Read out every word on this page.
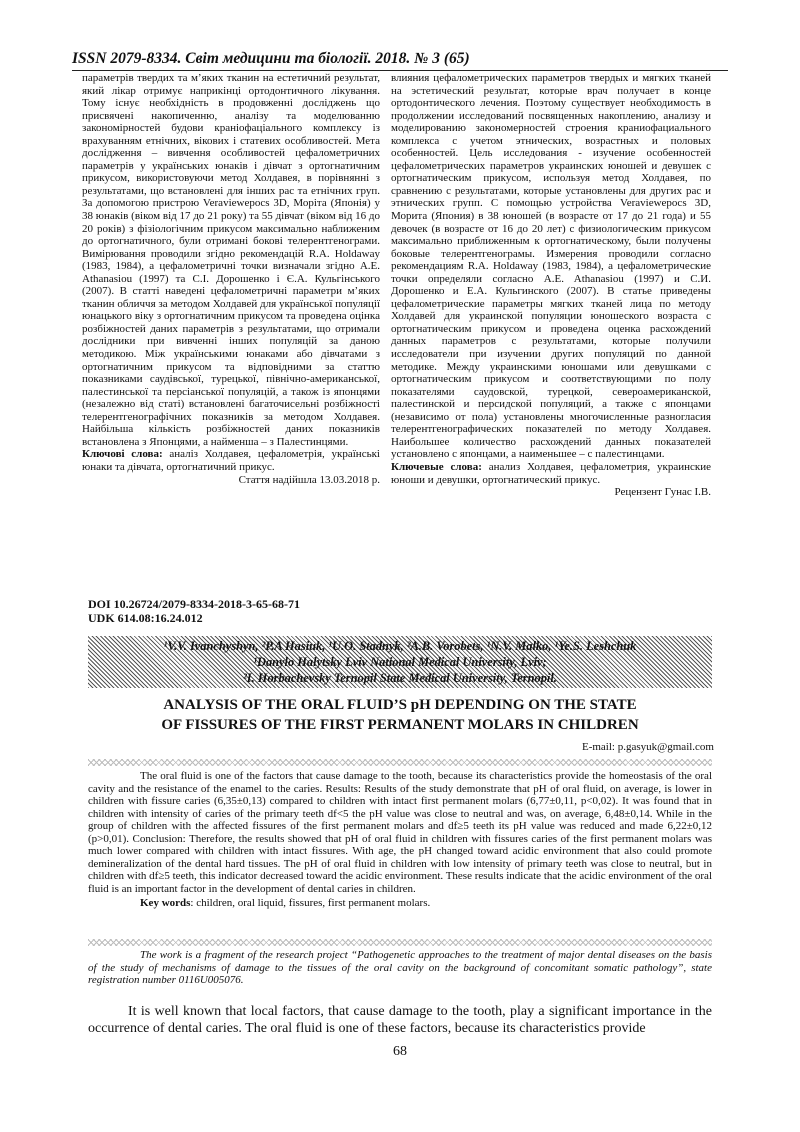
ISSN 2079-8334. Світ медицини та біології. 2018. № 3 (65)

параметрів твердих та м’яких тканин на естетичний результат, який лікар отримує наприкінці ортодонтичного лікування. Тому існує необхідність в продовженні досліджень що присвячені накопиченню, аналізу та моделюванню закономірностей будови краніофаціального комплексу із врахуванням етнічних, вікових і статевих особливостей. Мета дослідження – вивчення особливостей цефалометричних параметрів у українських юнаків і дівчат з ортогнатичним прикусом, використовуючи метод Холдавея, в порівнянні з результатами, що встановлені для інших рас та етнічних груп. За допомогою пристрою Veraviewepocs 3D, Моріта (Японія) у 38 юнаків (віком від 17 до 21 року) та 55 дівчат (віком від 16 до 20 років) з фізіологічним прикусом максимально наближеним до ортогнатичного, були отримані бокові телерентгенограми. Вимірювання проводили згідно рекомендацій R.A. Holdaway (1983, 1984), а цефалометричні точки визначали згідно A.E. Athanasiou (1997) та С.І. Дорошенко і Є.А. Кульгінського (2007). В статті наведені цефалометричні параметри м’яких тканин обличчя за методом Холдавей для української популяції юнацького віку з ортогнатичним прикусом та проведена оцінка розбіжностей даних параметрів з результатами, що отримали дослідники при вивченні інших популяцій за даною методикою. Між українськими юнаками або дівчатами з ортогнатичним прикусом та відповідними за статтю показниками саудівської, турецької, північно-американської, палестинської та персіанської популяцій, а також із японцями (незалежно від статі) встановлені багаточисельні розбіжності телерентгенографічних показників за методом Холдавея. Найбільша кількість розбіжностей даних показників встановлена з Японцями, а найменша – з Палестинцями.

Ключові слова: аналіз Холдавея, цефалометрія, українські юнаки та дівчата, ортогнатичний прикус.

Стаття надійшла 13.03.2018 р.

влияния цефалометрических параметров твердых и мягких тканей на эстетический результат, которые врач получает в конце ортодонтического лечения. Поэтому существует необходимость в продолжении исследований посвященных накоплению, анализу и моделированию закономерностей строения краниофациального комплекса с учетом этнических, возрастных и половых особенностей. Цель исследования - изучение особенностей цефалометрических параметров украинских юношей и девушек с ортогнатическим прикусом, используя метод Холдавея, по сравнению с результатами, которые установлены для других рас и этнических групп. С помощью устройства Veraviewepocs 3D, Морита (Япония) в 38 юношей (в возрасте от 17 до 21 года) и 55 девочек (в возрасте от 16 до 20 лет) с физиологическим прикусом максимально приближенным к ортогнатическому, были получены боковые телерентгенограмы. Измерения проводили согласно рекомендациям R.A. Holdaway (1983, 1984), а цефалометрические точки определяли согласно A.E. Athanasiou (1997) и С.И. Дорошенко и Е.А. Кульгинского (2007). В статье приведены цефалометрические параметры мягких тканей лица по методу Холдавей для украинской популяции юношеского возраста с ортогнатическим прикусом и проведена оценка расхождений данных параметров с результатами, которые получили исследователи при изучении других популяций по данной методике. Между украинскими юношами или девушками с ортогнатическим прикусом и соответствующими по полу показателями саудовской, турецкой, североамериканской, палестинской и персидской популяций, а также с японцами (независимо от пола) установлены многочисленные разногласия телерентгенографических показателей по методу Холдавея. Наибольшее количество расхождений данных показателей установлено с японцами, а наименьшее – с палестинцами.

Ключевые слова: анализ Холдавея, цефалометрия, украинские юноши и девушки, ортогнатический прикус.

Рецензент Гунас І.В.

DOI 10.26724/2079-8334-2018-3-65-68-71
UDK 614.08:16.24.012
¹V.V. Ivanchyshyn, ²P.A Hasiuk, ¹U.O. Stadnyk, ²A.B. Vorobets, ¹N.V. Malko, ¹Ye.S. Leshchuk
¹Danylo Halytsky Lviv National Medical University, Lviv;
²I. Horbachevsky Ternopil State Medical University, Ternopil.
ANALYSIS OF THE ORAL FLUID’S pH DEPENDING ON THE STATE
OF FISSURES OF THE FIRST PERMANENT MOLARS IN CHILDREN
E-mail: p.gasyuk@gmail.com

The oral fluid is one of the factors that cause damage to the tooth, because its characteristics provide the homeostasis of the oral cavity and the resistance of the enamel to the caries. Results: Results of the study demonstrate that pH of oral fluid, on average, is lower in children with fissure caries (6,35±0,13) compared to children with intact first permanent molars (6,77±0,11, p<0,02). It was found that in children with intensity of caries of the primary teeth df<5 the pH value was close to neutral and was, on average, 6,48±0,14. While in the group of children with the affected fissures of the first permanent molars and df≥5 teeth its pH value was reduced and made 6,22±0,12 (p>0,01). Conclusion: Therefore, the results showed that pH of oral fluid in children with fissures caries of the first permanent molars was much lower compared with children with intact fissures. With age, the pH changed toward acidic environment that also could promote demineralization of the dental hard tissues. The pH of oral fluid in children with low intensity of primary teeth was close to neutral, but in children with df≥5 teeth, this indicator decreased toward the acidic environment. These results indicate that the acidic environment of the oral fluid is an important factor in the development of dental caries in children.

Key words: children, oral liquid, fissures, first permanent molars.

The work is a fragment of the research project “Pathogenetic approaches to the treatment of major dental diseases on the basis of the study of mechanisms of damage to the tissues of the oral cavity on the background of concomitant somatic pathology”, state registration number 0116U005076.
It is well known that local factors, that cause damage to the tooth, play a significant importance in the occurrence of dental caries. The oral fluid is one of these factors, because its characteristics provide
68
